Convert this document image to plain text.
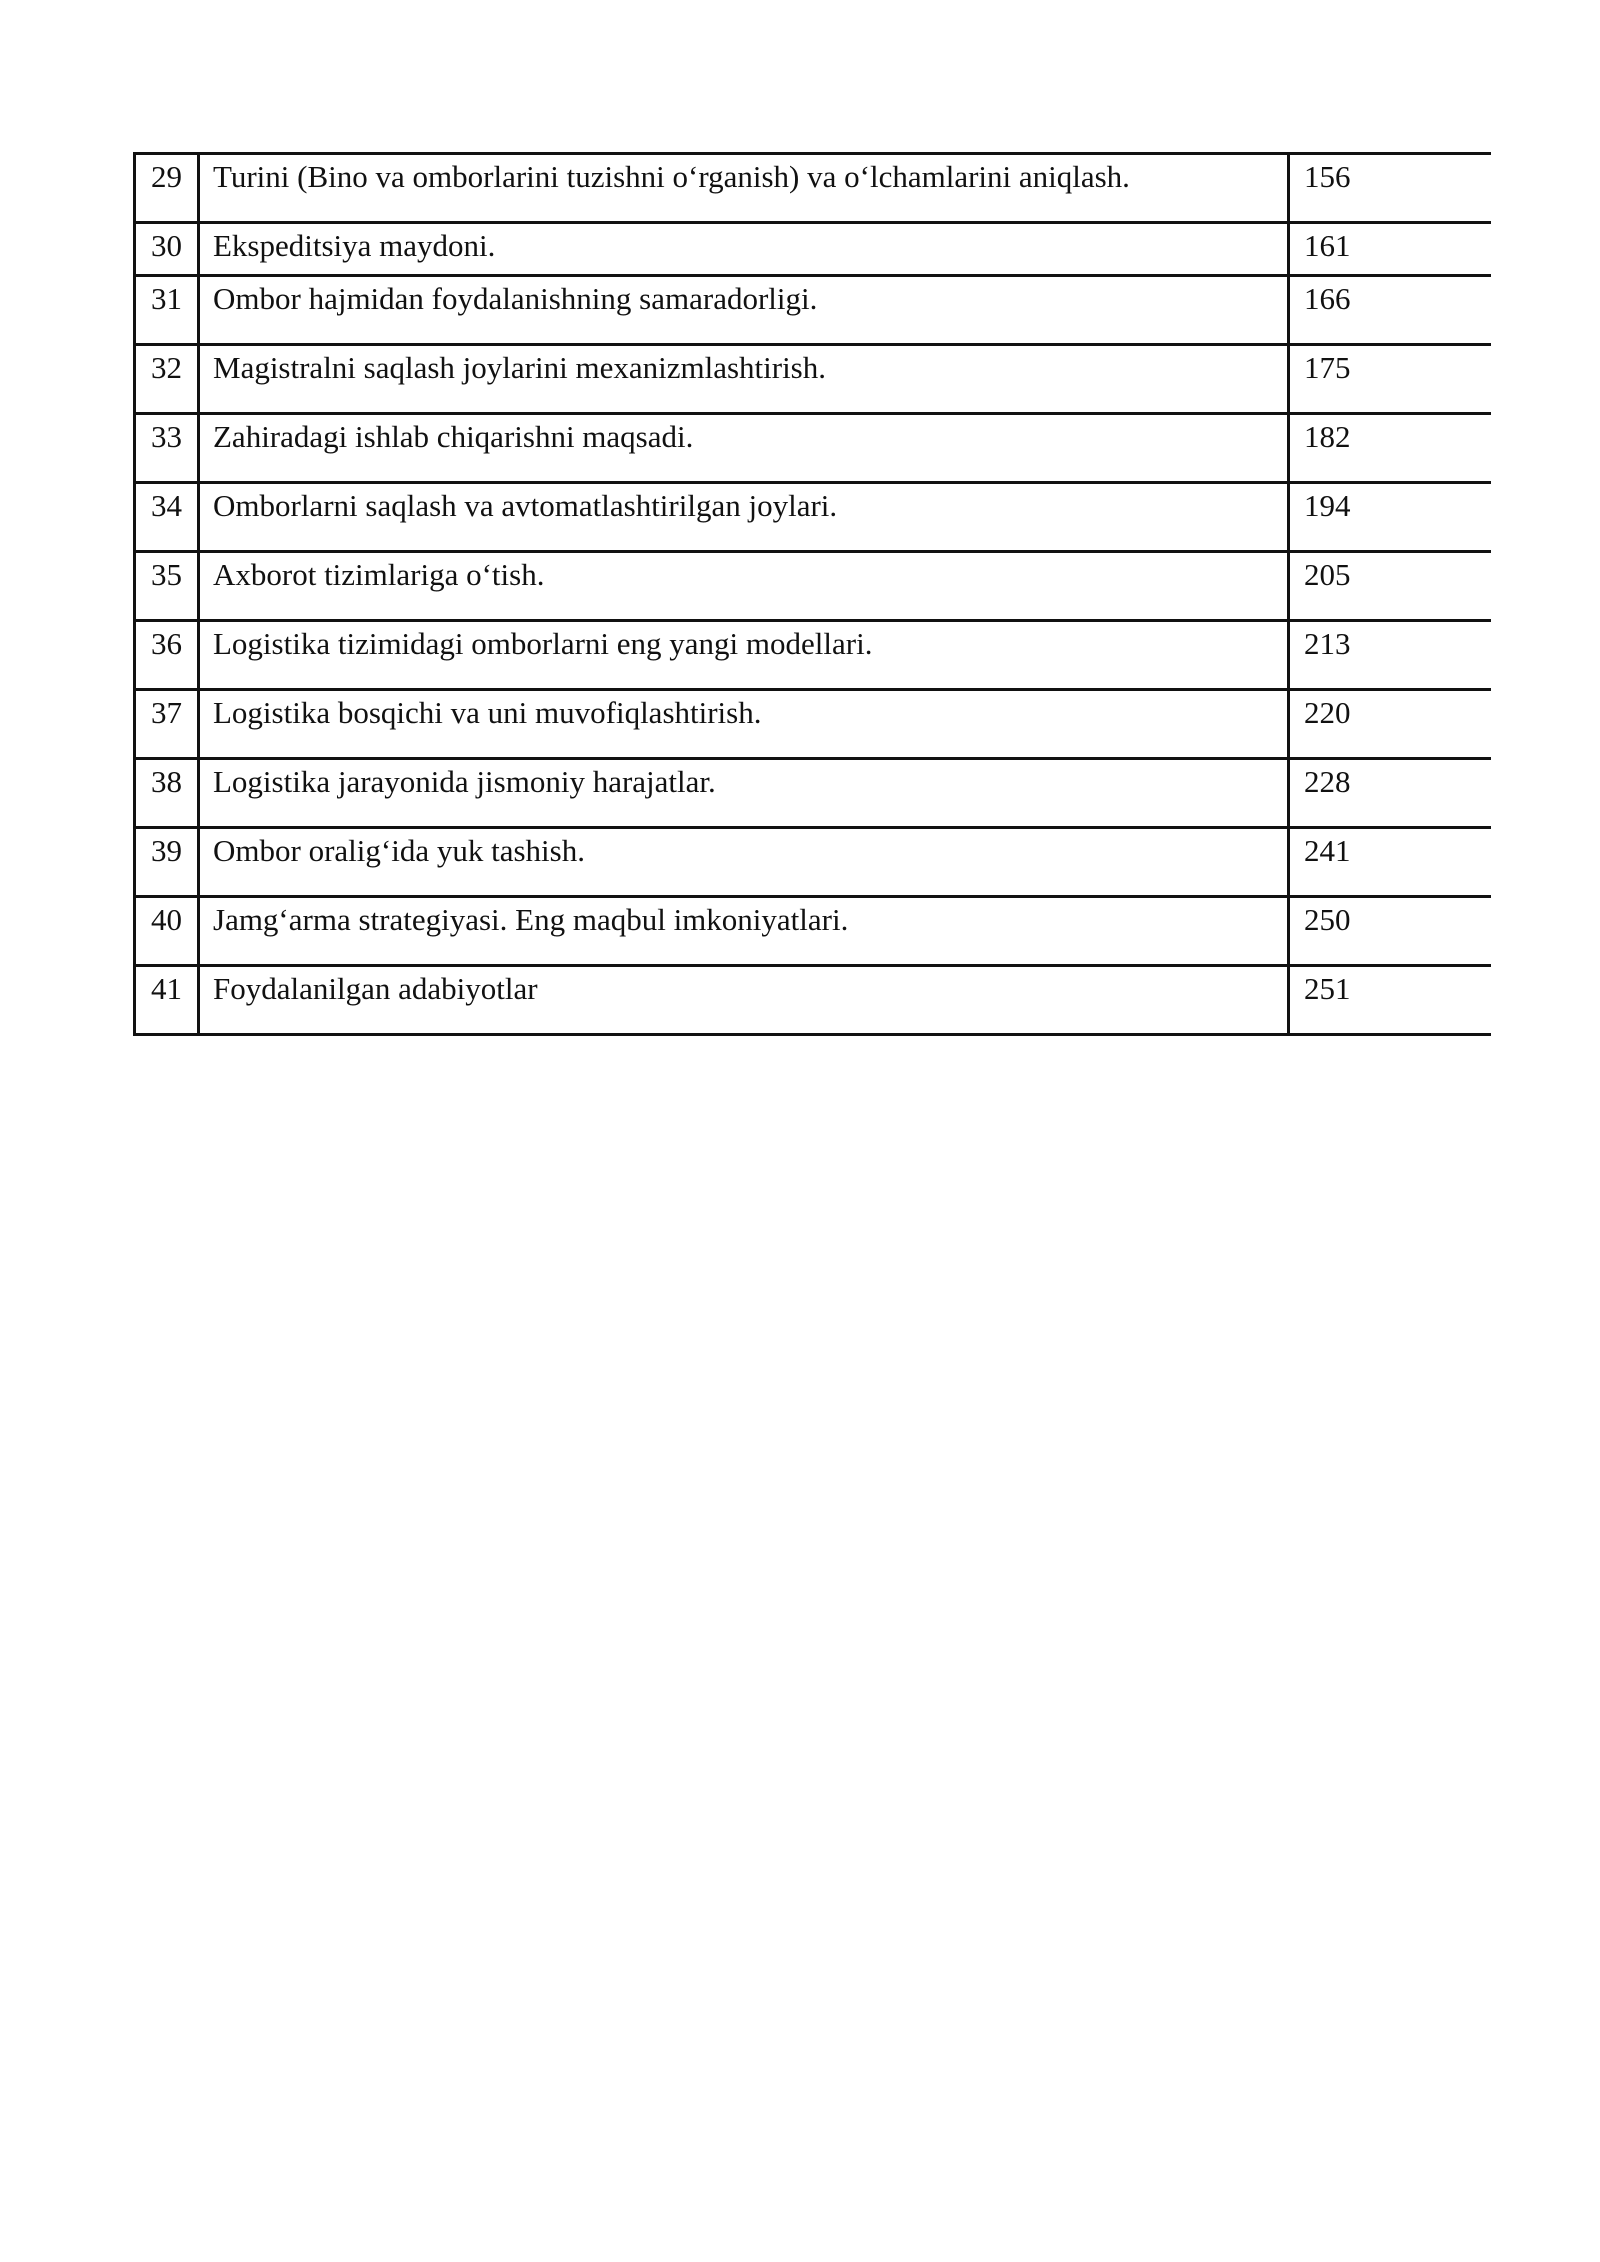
29	Turini (Bino va omborlarini tuzishni o‘rganish) va o‘lchamlarini aniqlash.	156
30	Ekspeditsiya maydoni.	161
31	Ombor hajmidan foydalanishning samaradorligi.	166
32	Magistralni saqlash joylarini mexanizmlashtirish.	175
33	Zahiradagi ishlab chiqarishni maqsadi.	182
34	Omborlarni saqlash va avtomatlashtirilgan joylari.	194
35	Axborot tizimlariga o‘tish.	205
36	Logistika tizimidagi omborlarni eng yangi modellari.	213
37	Logistika bosqichi va uni muvofiqlashtirish.	220
38	Logistika jarayonida jismoniy harajatlar.	228
39	Ombor oralig‘ida yuk tashish.	241
40	Jamg‘arma strategiyasi. Eng maqbul imkoniyatlari.	250
41	Foydalanilgan adabiyotlar	251
